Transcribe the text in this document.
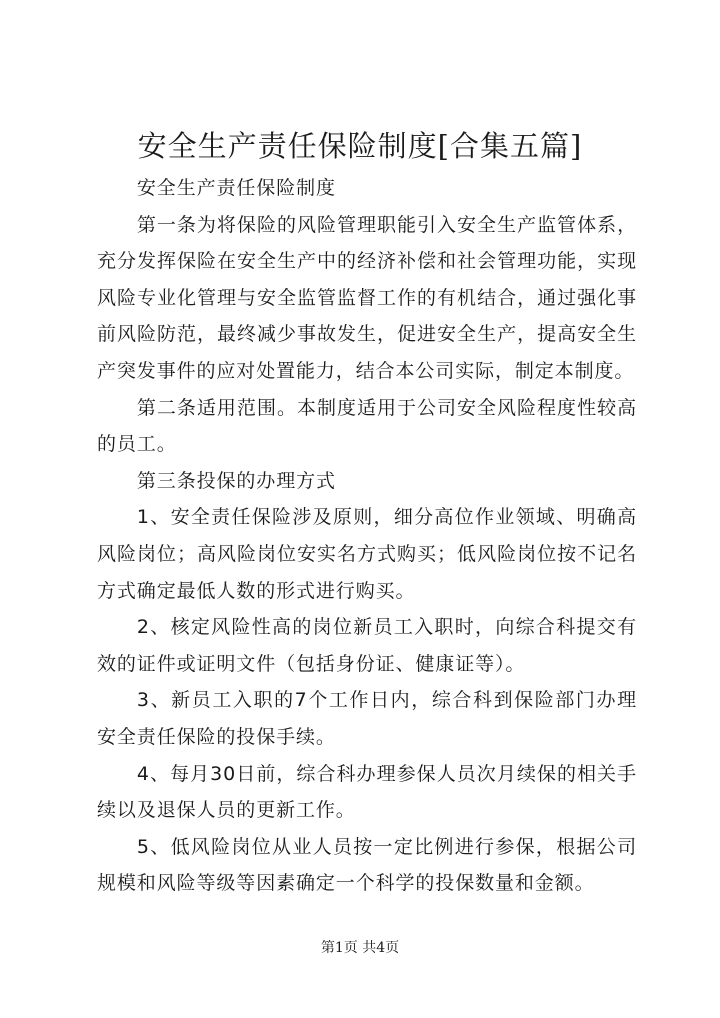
安全生产责任保险制度[合集五篇]

安全生产责任保险制度

第一条为将保险的风险管理职能引入安全生产监管体系，充分发挥保险在安全生产中的经济补偿和社会管理功能，实现风险专业化管理与安全监管监督工作的有机结合，通过强化事前风险防范，最终减少事故发生，促进安全生产，提高安全生产突发事件的应对处置能力，结合本公司实际，制定本制度。

第二条适用范围。本制度适用于公司安全风险程度性较高的员工。

第三条投保的办理方式

1、安全责任保险涉及原则，细分高位作业领域、明确高风险岗位；高风险岗位安实名方式购买；低风险岗位按不记名方式确定最低人数的形式进行购买。

2、核定风险性高的岗位新员工入职时，向综合科提交有效的证件或证明文件（包括身份证、健康证等）。

3、新员工入职的7个工作日内，综合科到保险部门办理安全责任保险的投保手续。

4、每月30日前，综合科办理参保人员次月续保的相关手续以及退保人员的更新工作。

5、低风险岗位从业人员按一定比例进行参保，根据公司规模和风险等级等因素确定一个科学的投保数量和金额。

第1页 共4页
